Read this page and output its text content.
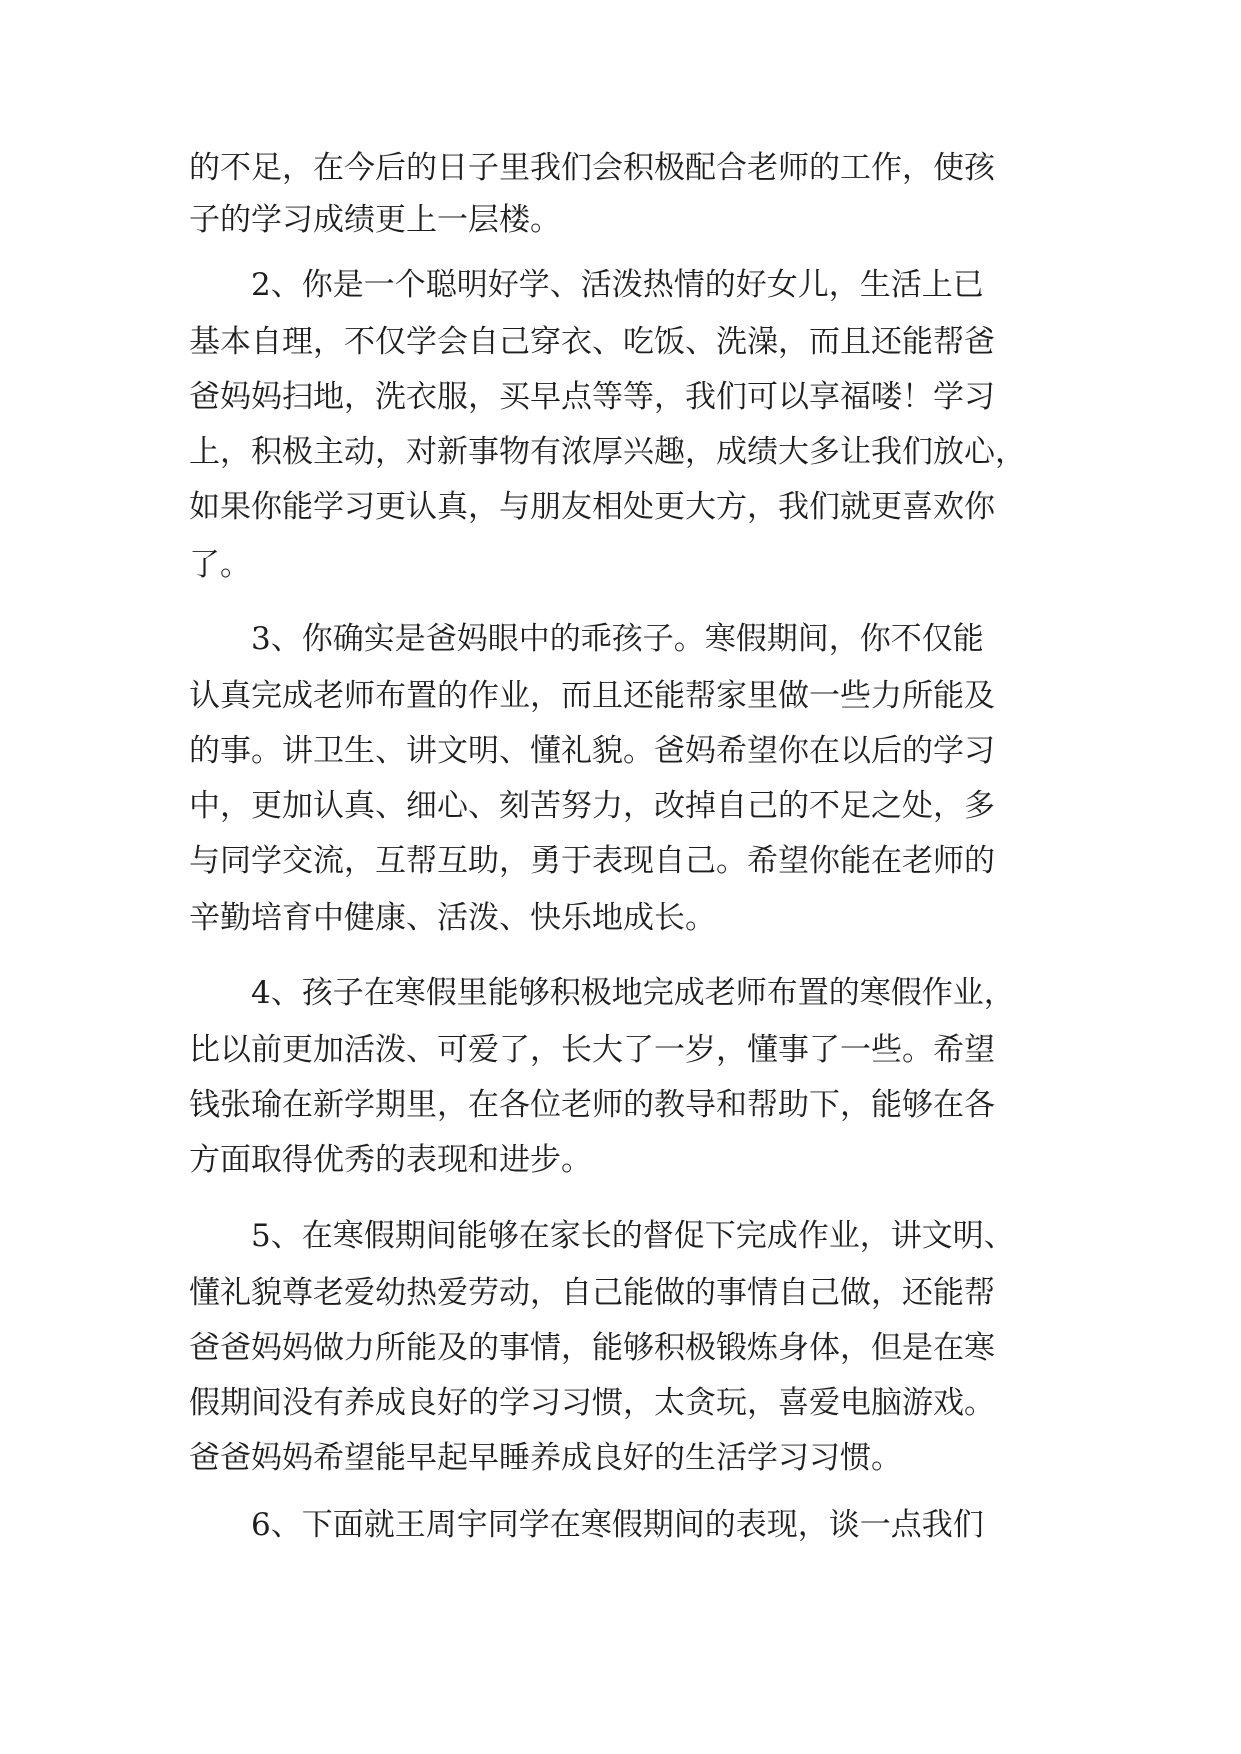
的不足，在今后的日子里我们会积极配合老师的工作，使孩
子的学习成绩更上一层楼。
2、你是一个聪明好学、活泼热情的好女儿，生活上已
基本自理，不仅学会自己穿衣、吃饭、洗澡，而且还能帮爸
爸妈妈扫地，洗衣服，买早点等等，我们可以享福喽！学习
上，积极主动，对新事物有浓厚兴趣，成绩大多让我们放心，
如果你能学习更认真，与朋友相处更大方，我们就更喜欢你
了。
3、你确实是爸妈眼中的乖孩子。寒假期间，你不仅能
认真完成老师布置的作业，而且还能帮家里做一些力所能及
的事。讲卫生、讲文明、懂礼貌。爸妈希望你在以后的学习
中，更加认真、细心、刻苦努力，改掉自己的不足之处，多
与同学交流，互帮互助，勇于表现自己。希望你能在老师的
辛勤培育中健康、活泼、快乐地成长。
4、孩子在寒假里能够积极地完成老师布置的寒假作业，
比以前更加活泼、可爱了，长大了一岁，懂事了一些。希望
钱张瑜在新学期里，在各位老师的教导和帮助下，能够在各
方面取得优秀的表现和进步。
5、在寒假期间能够在家长的督促下完成作业，讲文明、
懂礼貌尊老爱幼热爱劳动，自己能做的事情自己做，还能帮
爸爸妈妈做力所能及的事情，能够积极锻炼身体，但是在寒
假期间没有养成良好的学习习惯，太贪玩，喜爱电脑游戏。
爸爸妈妈希望能早起早睡养成良好的生活学习习惯。
6、下面就王周宇同学在寒假期间的表现，谈一点我们
